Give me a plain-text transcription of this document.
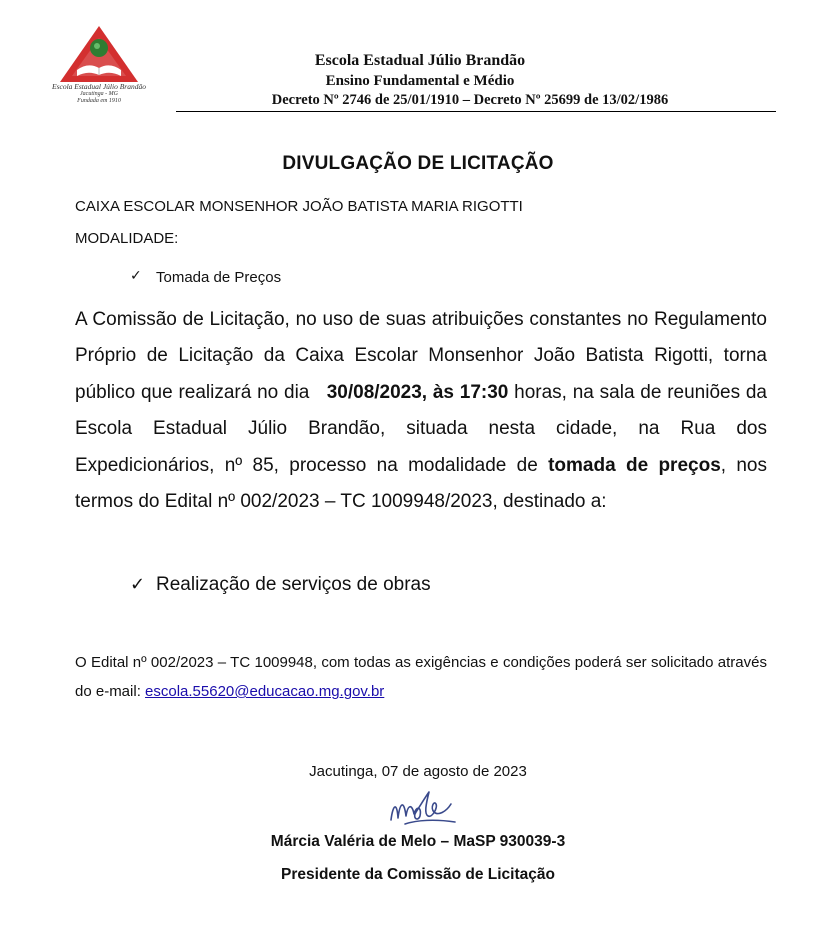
Escola Estadual Júlio Brandão
Jacutinga - MG
Fundada em 1910
Escola Estadual Júlio Brandão
Ensino Fundamental e Médio
Decreto Nº 2746 de 25/01/1910 – Decreto Nº 25699 de 13/02/1986
DIVULGAÇÃO DE LICITAÇÃO
CAIXA ESCOLAR MONSENHOR JOÃO BATISTA MARIA RIGOTTI
MODALIDADE:
✓ Tomada de Preços
A Comissão de Licitação, no uso de suas atribuições constantes no Regulamento Próprio de Licitação da Caixa Escolar Monsenhor João Batista Rigotti, torna público que realizará no dia 30/08/2023, às 17:30 horas, na sala de reuniões da Escola Estadual Júlio Brandão, situada nesta cidade, na Rua dos Expedicionários, nº 85, processo na modalidade de tomada de preços, nos termos do Edital nº 002/2023 – TC 1009948/2023, destinado a:
✓ Realização de serviços de obras
O Edital nº 002/2023 – TC 1009948, com todas as exigências e condições poderá ser solicitado através do e-mail: escola.55620@educacao.mg.gov.br
Jacutinga, 07 de agosto de 2023
Márcia Valéria de Melo – MaSP 930039-3
Presidente da Comissão de Licitação
